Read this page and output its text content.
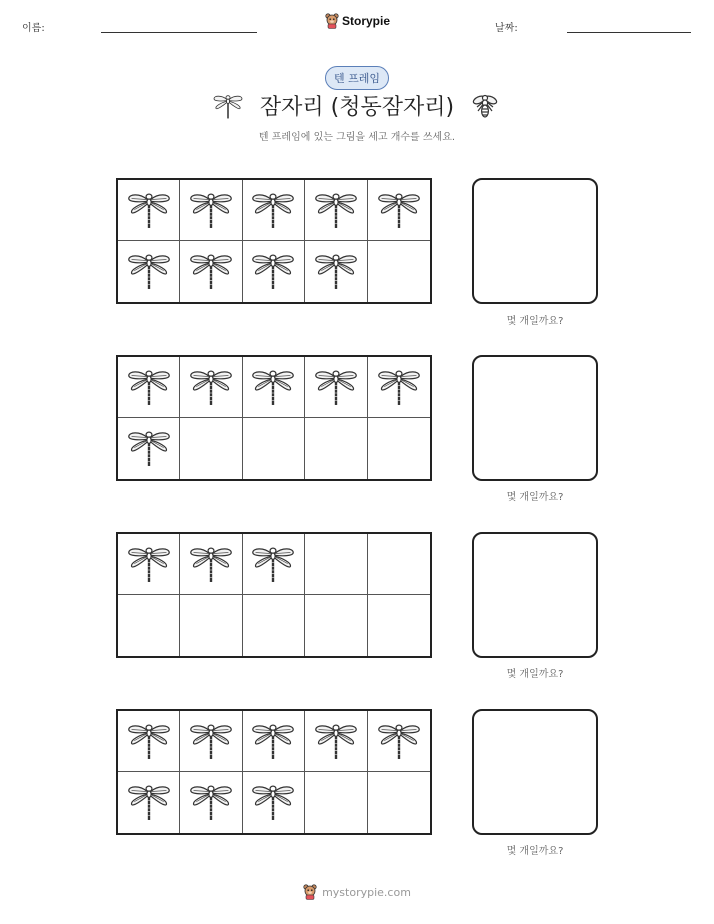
이름:
Storypie
날짜:
텐 프레임
잠자리 (청동잠자리)
텐 프레임에 있는 그림을 세고 개수를 쓰세요.
몇 개일까요?
몇 개일까요?
몇 개일까요?
몇 개일까요?
mystorypie.com
